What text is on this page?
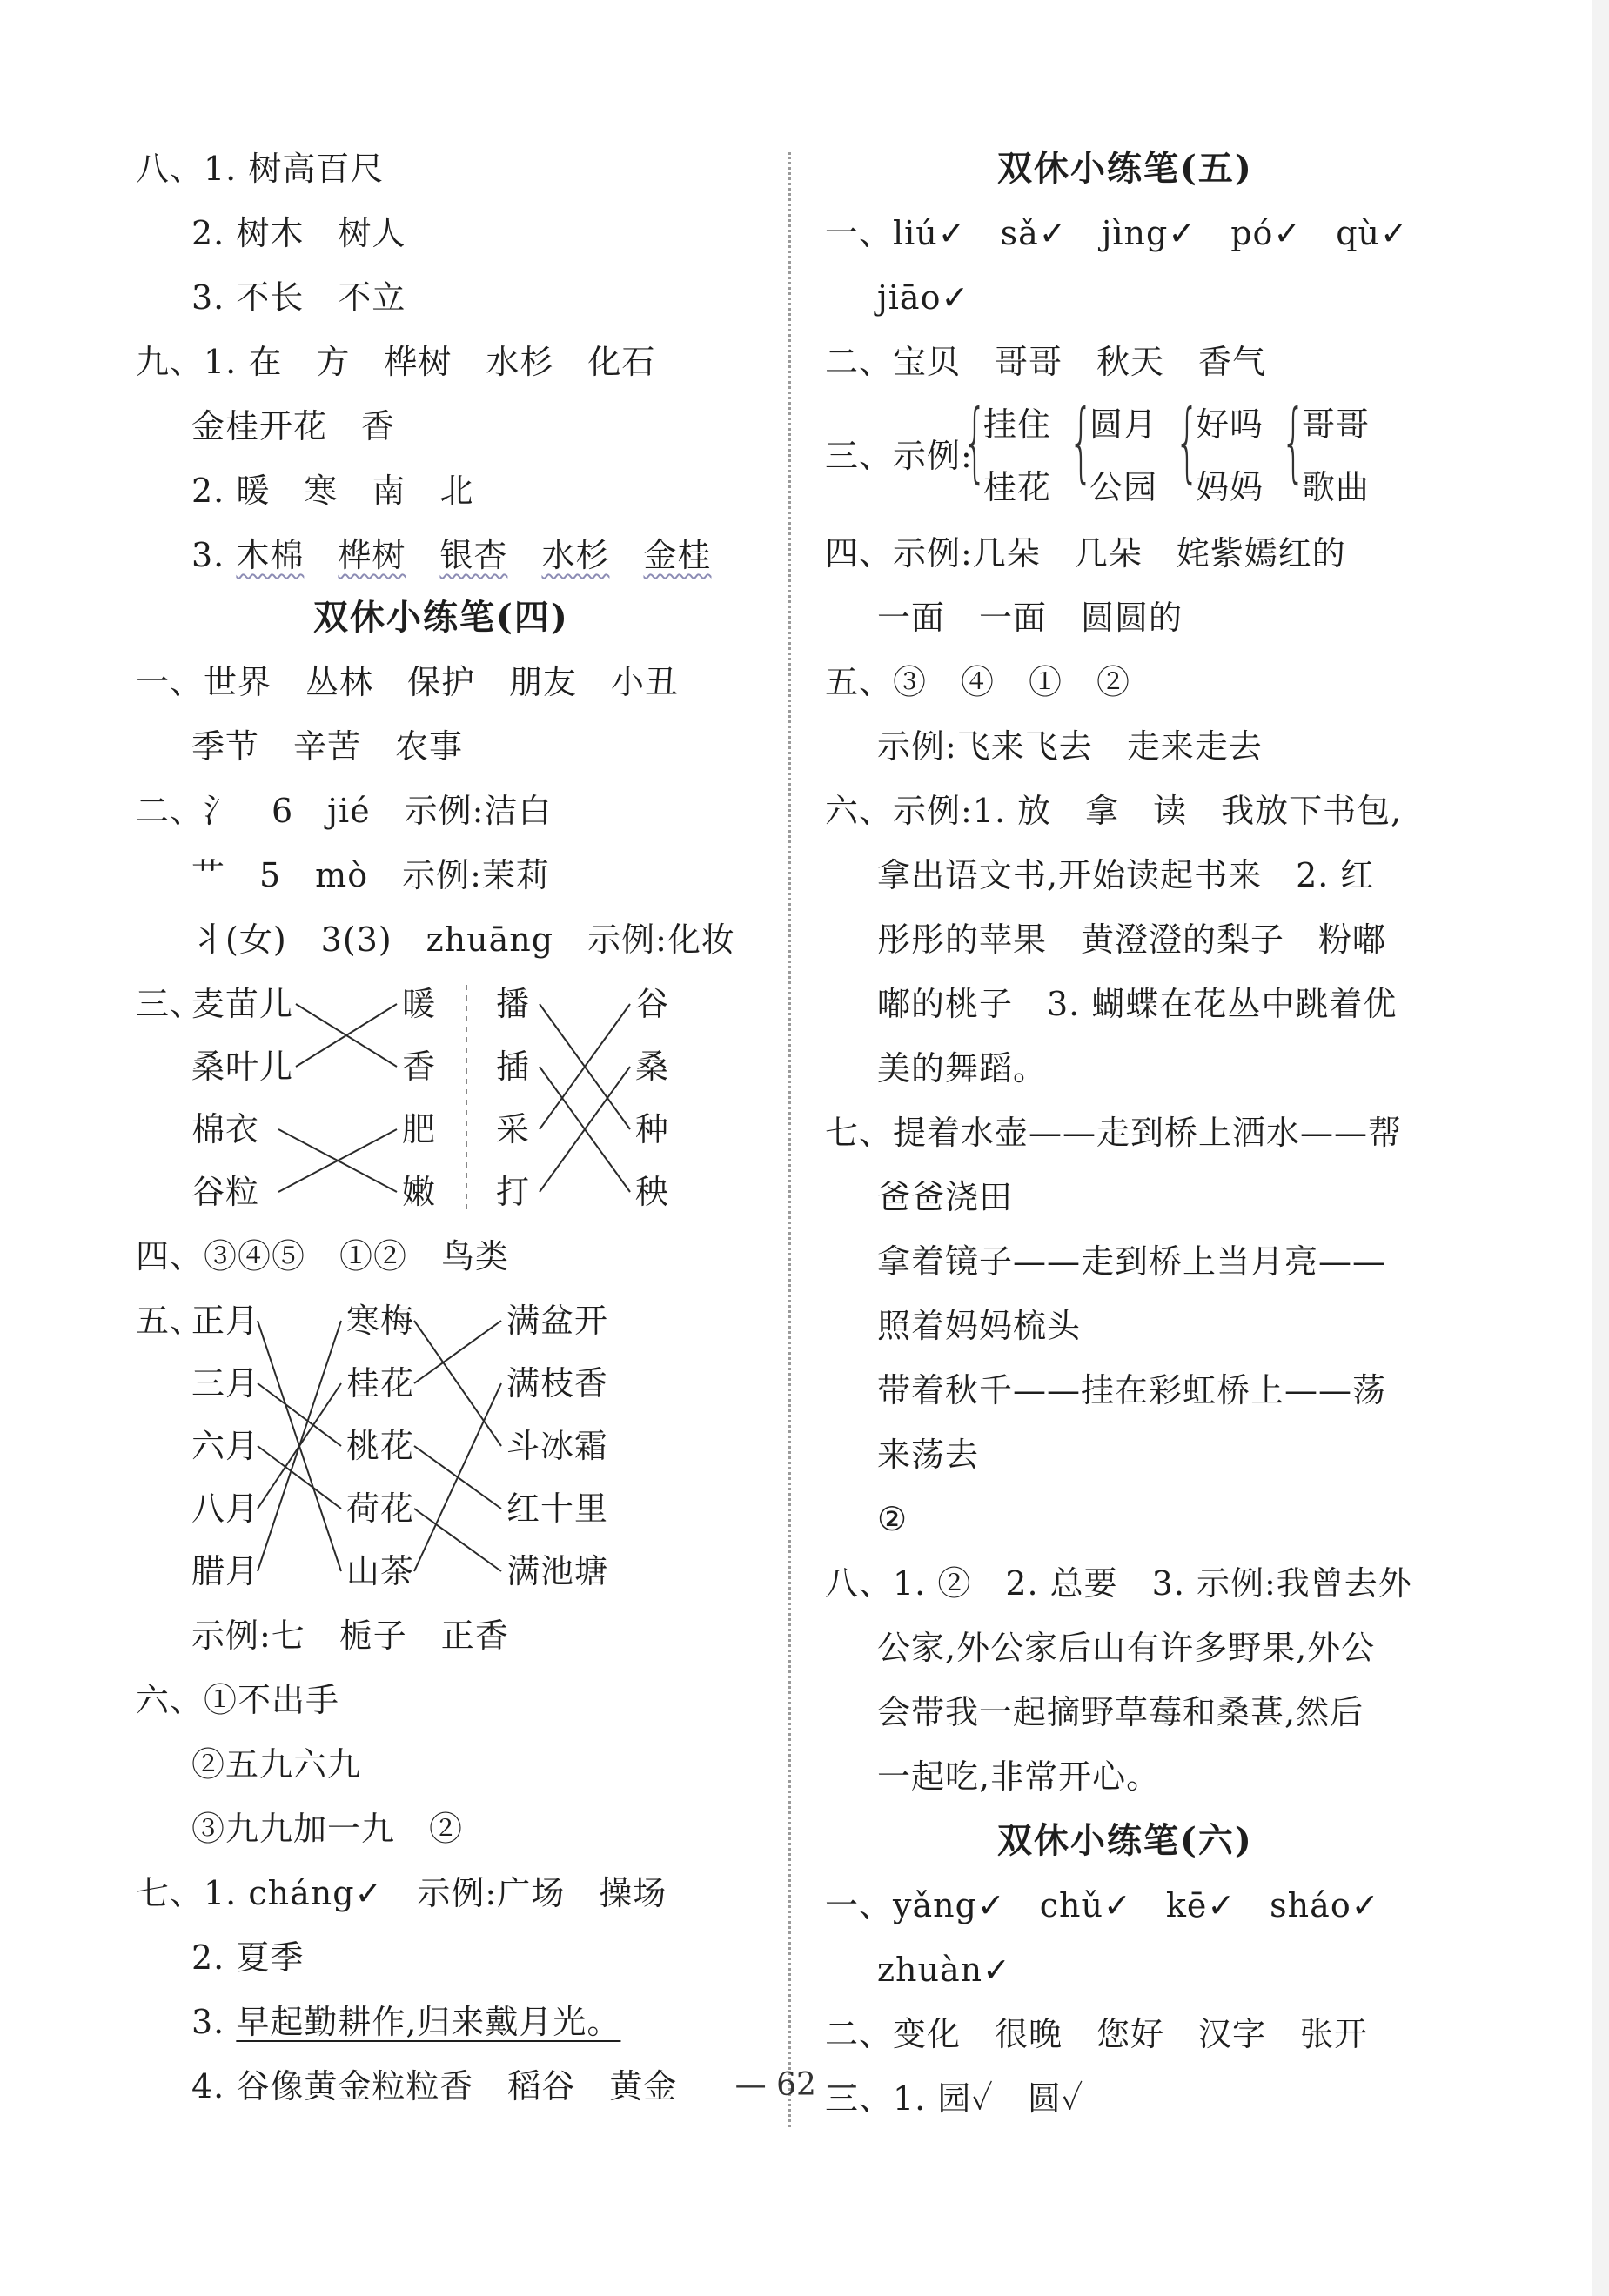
八、1. 树高百尺
2. 树木　树人
3. 不长　不立
九、1. 在　方　桦树　水杉　化石
金桂开花　香
2. 暖　寒　南　北
3. 木棉　 桦树　 银杏　 水杉　 金桂
双休小练笔(四)
一、世界　丛林　保护　朋友　小丑
季节　辛苦　农事
二、氵　6　jié　示例:洁白
艹　5　mò　示例:茉莉
丬(女)　3(3)　zhuāng　示例:化妆
三、
麦苗儿
桑叶儿
棉衣
谷粒
暖
香
肥
嫩
播
插
采
打
谷
桑
种
秧
四、③④⑤　①②　鸟类
五、
正月
三月
六月
八月
腊月
寒梅
桂花
桃花
荷花
山茶
满盆开
满枝香
斗冰霜
红十里
满池塘
示例:七　栀子　正香
六、①不出手
②五九六九
③九九加一九　②
七、1. cháng✓　示例:广场　操场
2. 夏季
3. 早起勤耕作,归来戴月光。
4. 谷像黄金粒粒香　稻谷　黄金
双休小练笔(五)
一、liú✓　sǎ✓　jìng✓　pó✓　qù✓
jiāo✓
二、宝贝　哥哥　秋天　香气
三、示例:
{
挂住
桂花 {
圆月
公园 {
好吗
妈妈 {
哥哥
歌曲
四、示例:几朵　几朵　姹紫嫣红的
一面　一面　圆圆的
五、③　④　①　②
示例:飞来飞去　走来走去
六、示例:1. 放　拿　读　我放下书包,
拿出语文书,开始读起书来　2. 红
彤彤的苹果　黄澄澄的梨子　粉嘟
嘟的桃子　3. 蝴蝶在花丛中跳着优
美的舞蹈。
七、提着水壶——走到桥上洒水——帮
爸爸浇田
拿着镜子——走到桥上当月亮——
照着妈妈梳头
带着秋千——挂在彩虹桥上——荡
来荡去
②
八、1. ②　2. 总要　3. 示例:我曾去外
公家,外公家后山有许多野果,外公
会带我一起摘野草莓和桑葚,然后
一起吃,非常开心。
双休小练笔(六)
一、yǎng✓　chǔ✓　kē✓　sháo✓
zhuàn✓
二、变化　很晚　您好　汉字　张开
三、1. 园✓　圆✓
— 62 —
